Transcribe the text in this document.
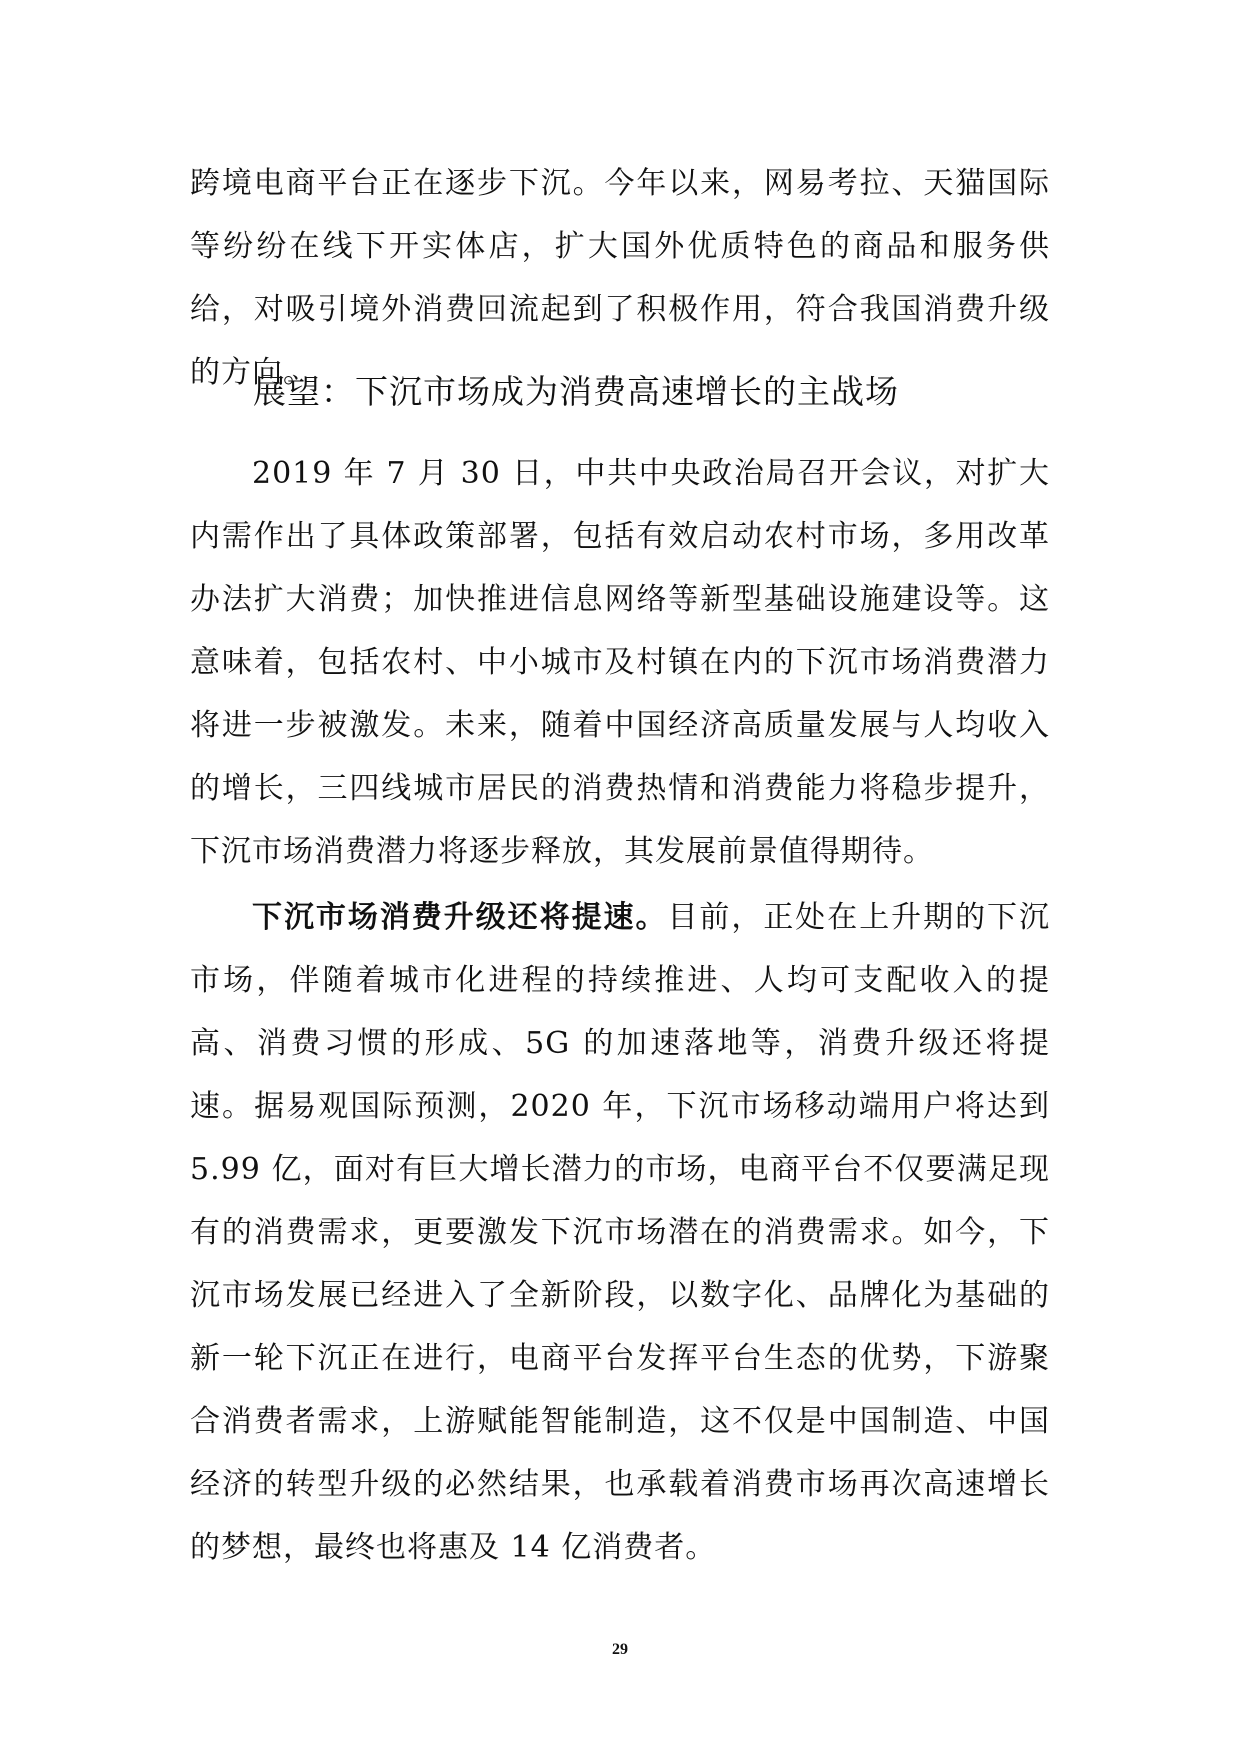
跨境电商平台正在逐步下沉。今年以来，网易考拉、天猫国际等纷纷在线下开实体店，扩大国外优质特色的商品和服务供给，对吸引境外消费回流起到了积极作用，符合我国消费升级的方向。

展望：下沉市场成为消费高速增长的主战场

2019 年 7 月 30 日，中共中央政治局召开会议，对扩大内需作出了具体政策部署，包括有效启动农村市场，多用改革办法扩大消费；加快推进信息网络等新型基础设施建设等。这意味着，包括农村、中小城市及村镇在内的下沉市场消费潜力将进一步被激发。未来，随着中国经济高质量发展与人均收入的增长，三四线城市居民的消费热情和消费能力将稳步提升，下沉市场消费潜力将逐步释放，其发展前景值得期待。

下沉市场消费升级还将提速。目前，正处在上升期的下沉市场，伴随着城市化进程的持续推进、人均可支配收入的提高、消费习惯的形成、5G 的加速落地等，消费升级还将提速。据易观国际预测，2020 年，下沉市场移动端用户将达到 5.99 亿，面对有巨大增长潜力的市场，电商平台不仅要满足现有的消费需求，更要激发下沉市场潜在的消费需求。如今，下沉市场发展已经进入了全新阶段，以数字化、品牌化为基础的新一轮下沉正在进行，电商平台发挥平台生态的优势，下游聚合消费者需求，上游赋能智能制造，这不仅是中国制造、中国经济的转型升级的必然结果，也承载着消费市场再次高速增长的梦想，最终也将惠及 14 亿消费者。

29
